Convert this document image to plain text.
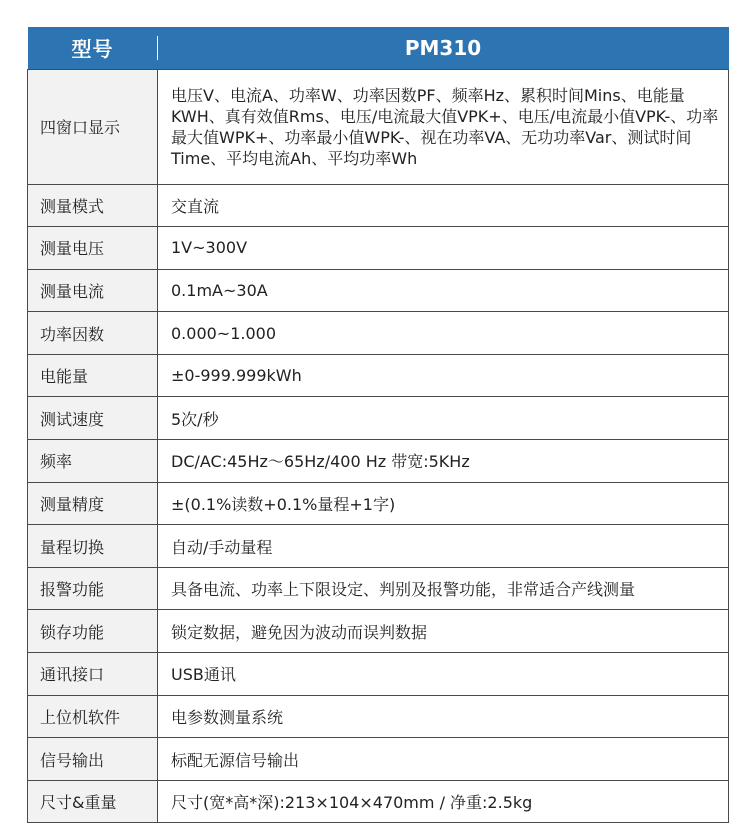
型号	PM310
四窗口显示	电压V、电流A、功率W、功率因数PF、频率Hz、累积时间Mins、电能量KWH、真有效值Rms、电压/电流最大值VPK+、电压/电流最小值VPK-、功率最大值WPK+、功率最小值WPK-、视在功率VA、无功功率Var、测试时间Time、平均电流Ah、平均功率Wh
测量模式	交直流
测量电压	1V~300V
测量电流	0.1mA~30A
功率因数	0.000~1.000
电能量	±0-999.999kWh
测试速度	5次/秒
频率	DC/AC:45Hz～65Hz/400 Hz 带宽:5KHz
测量精度	±(0.1%读数+0.1%量程+1字)
量程切换	自动/手动量程
报警功能	具备电流、功率上下限设定、判别及报警功能，非常适合产线测量
锁存功能	锁定数据，避免因为波动而误判数据
通讯接口	USB通讯
上位机软件	电参数测量系统
信号输出	标配无源信号输出
尺寸&重量	尺寸(宽*高*深):213×104×470mm / 净重:2.5kg
